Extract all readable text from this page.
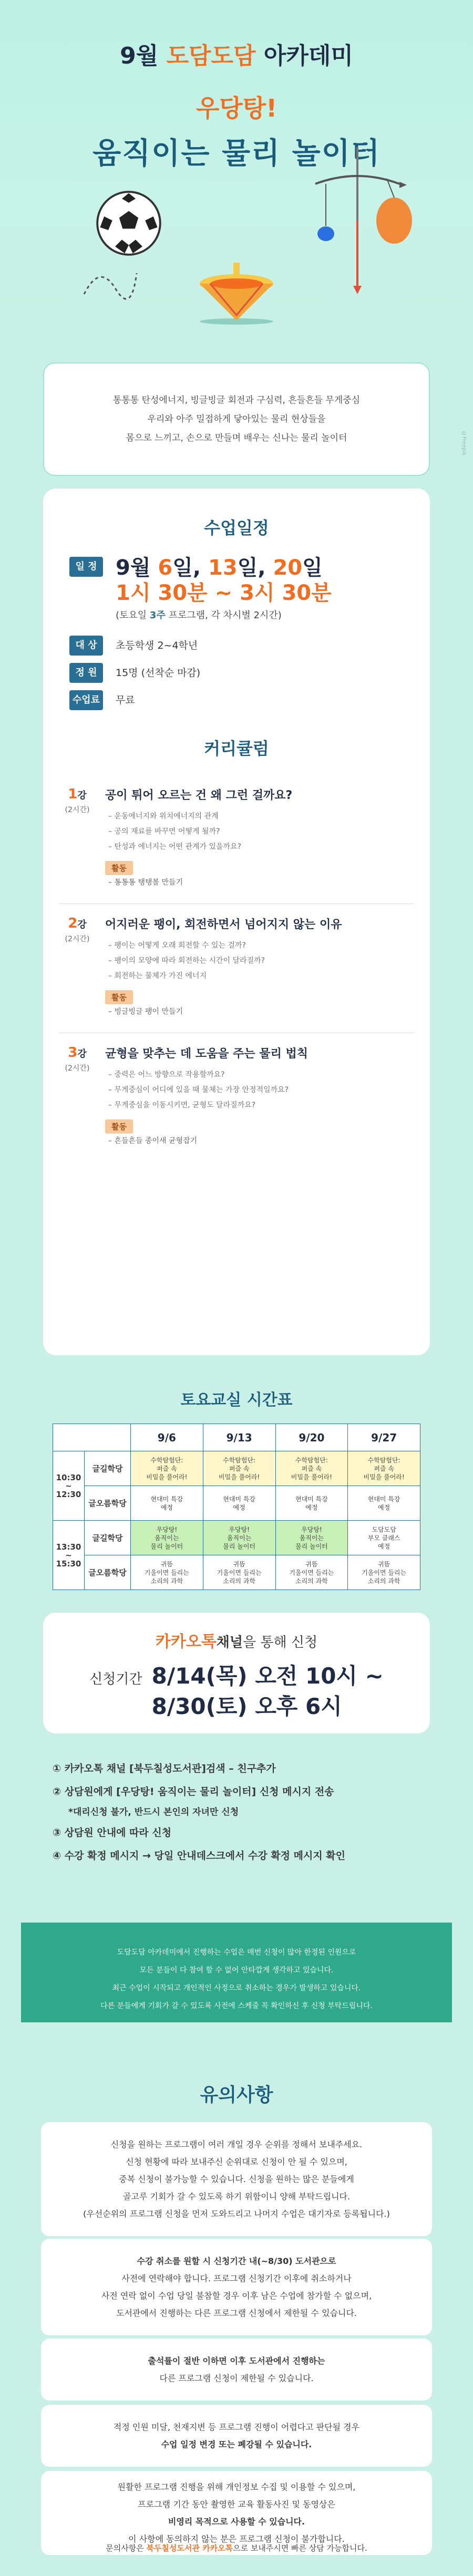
9월 도담도담 아카데미
우당탕!
움직이는 물리 놀이터
©Freepik
통통통 탄성에너지, 빙글빙글 회전과 구심력, 흔들흔들 무게중심
우리와 아주 밀접하게 닿아있는 물리 현상들을
몸으로 느끼고, 손으로 만들며 배우는 신나는 물리 놀이터
수업일정
일 정 9월 6일, 13일, 20일
1시 30분 ~ 3시 30분
(토요일 3주 프로그램, 각 차시별 2시간)
대 상	초등학생 2~4학년
정 원	15명 (선착순 마감)
수업료	무료
커리큘럼
1강
(2시간)
공이 튀어 오르는 건 왜 그런 걸까요?
– 운동에너지와 위치에너지의 관계
– 공의 재료를 바꾸면 어떻게 될까?
– 탄성과 에너지는 어떤 관계가 있을까요?
활동
– 통통통 탱탱볼 만들기
2강
(2시간)
어지러운 팽이, 회전하면서 넘어지지 않는 이유
– 팽이는 어떻게 오래 회전할 수 있는 걸까?
– 팽이의 모양에 따라 회전하는 시간이 달라질까?
– 회전하는 물체가 가진 에너지
활동
– 빙글빙글 팽이 만들기
3강
(2시간)
균형을 맞추는 데 도움을 주는 물리 법칙
– 중력은 어느 방향으로 작용할까요?
– 무게중심이 어디에 있을 때 물체는 가장 안정적일까요?
– 무게중심을 이동시키면, 균형도 달라질까요?
활동
– 흔들흔들 종이새 균형잡기
토요교실 시간표
		9/6	9/13	9/20	9/27
10:30
~
12:30	글길학당	수학탐험단:
퍼즐 속
비밀을 풀어라!	수학탐험단:
퍼즐 속
비밀을 풀어라!	수학탐험단:
퍼즐 속
비밀을 풀어라!	수학탐험단:
퍼즐 속
비밀을 풀어라!
	글오름학당	현대미 특강
예정	현대미 특강
예정	현대미 특강
예정	현대미 특강
예정
13:30
~
15:30	글길학당	우당탕!
움직이는
물리 놀이터	우당탕!
움직이는
물리 놀이터	우당탕!
움직이는
물리 놀이터	도담도담
부모 클래스
예정
	글오름학당	귀뜸
기울이면 들리는
소리의 과학	귀뜸
기울이면 들리는
소리의 과학	귀뜸
기울이면 들리는
소리의 과학	귀뜸
기울이면 들리는
소리의 과학
카카오톡채널을 통해 신청
신청기간 8/14(목) 오전 10시 ~
8/30(토) 오후 6시
① 카카오톡 채널 [북두칠성도서관]검색 – 친구추가
② 상담원에게 [우당탕! 움직이는 물리 놀이터] 신청 메시지 전송
*대리신청 불가, 반드시 본인의 자녀만 신청
③ 상담원 안내에 따라 신청
④ 수강 확정 메시지 → 당일 안내데스크에서 수강 확정 메시지 확인
도담도담 아카데미에서 진행하는 수업은 매번 신청이 많아 한정된 인원으로
모든 분들이 다 참여 할 수 없어 안타깝게 생각하고 있습니다.
최근 수업이 시작되고 개인적인 사정으로 취소하는 경우가 발생하고 있습니다.
다른 분들에게 기회가 갈 수 있도록 사전에 스케줄 꼭 확인하신 후 신청 부탁드립니다.
유의사항
신청을 원하는 프로그램이 여러 개일 경우 순위를 정해서 보내주세요.
신청 현황에 따라 보내주신 순위대로 신청이 안 될 수 있으며,
중복 신청이 불가능할 수 있습니다. 신청을 원하는 많은 분들에게
골고루 기회가 갈 수 있도록 하기 위함이니 양해 부탁드립니다.
(우선순위의 프로그램 신청을 먼저 도와드리고 나머지 수업은 대기자로 등록됩니다.)
수강 취소를 원할 시 신청기간 내(~8/30) 도서관으로
사전에 연락해야 합니다. 프로그램 신청기간 이후에 취소하거나
사전 연락 없이 수업 당일 불참할 경우 이후 남은 수업에 참가할 수 없으며,
도서관에서 진행하는 다른 프로그램 신청에서 제한될 수 있습니다.
출석률이 절반 이하면 이후 도서관에서 진행하는
다른 프로그램 신청이 제한될 수 있습니다.
적정 인원 미달, 천재지변 등 프로그램 진행이 어렵다고 판단될 경우
수업 일정 변경 또는 폐강될 수 있습니다.
원활한 프로그램 진행을 위해 개인정보 수집 및 이용할 수 있으며,
프로그램 기간 동안 촬영한 교육 활동사진 및 동영상은
비영리 목적으로 사용할 수 있습니다.
이 사항에 동의하지 않는 분은 프로그램 신청이 불가합니다.
문의사항은 북두칠성도서관 카카오톡으로 보내주시면 빠른 상담 가능합니다.
